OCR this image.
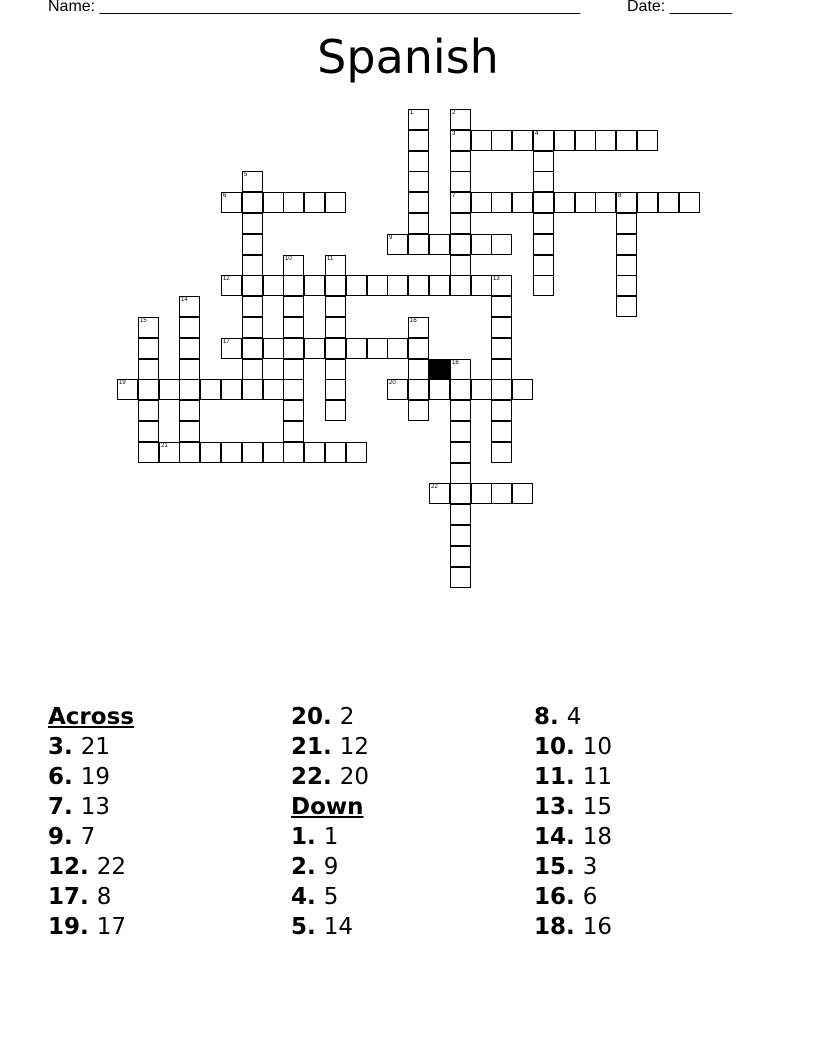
Name: ______________________________________________________	Date: _______
Spanish
1	2
3
7
4
5
6	8
9
10	11
12	13
14
15	16
17
18
19	20
21
22
Across
3. 21
6. 19
7. 13
9. 7
12. 22
17. 8
19. 17
20. 2
21. 12
22. 20
Down
1. 1
2. 9
4. 5
5. 14
8. 4
10. 10
11. 11
13. 15
14. 18
15. 3
16. 6
18. 16
